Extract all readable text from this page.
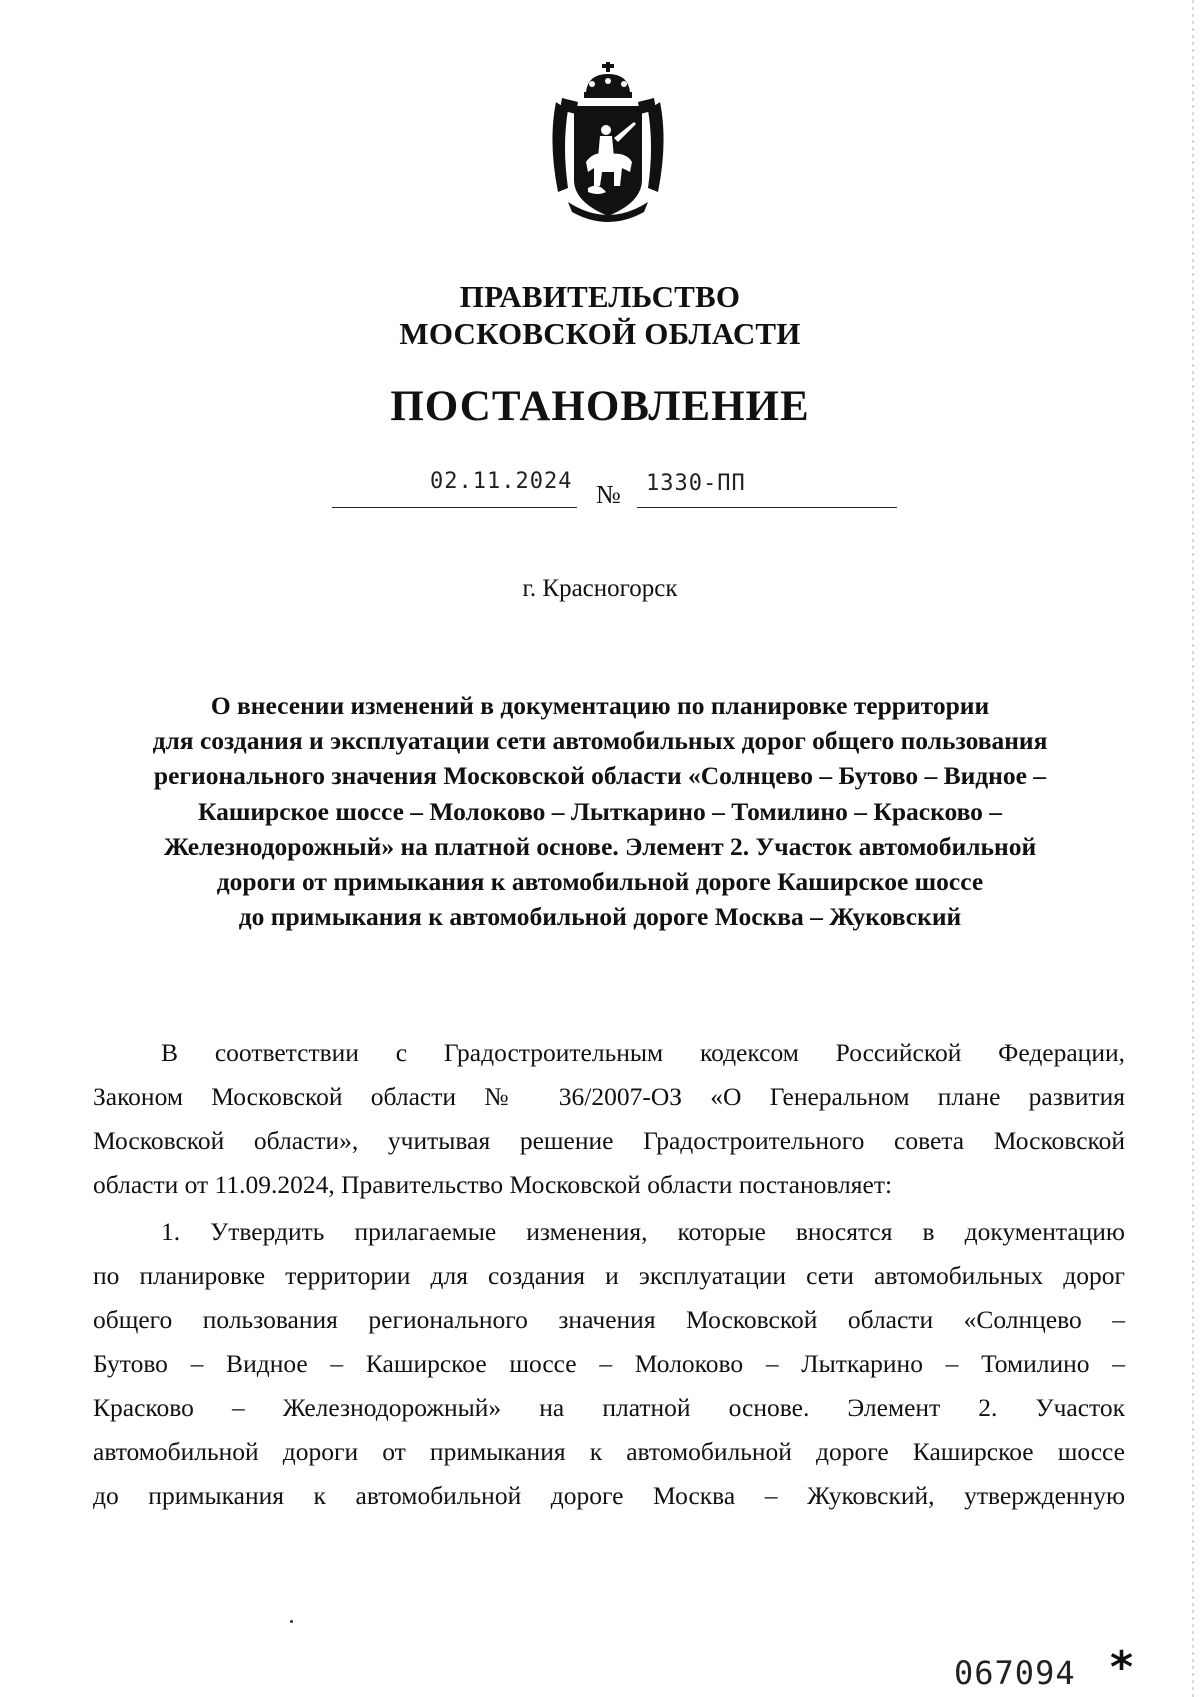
ПРАВИТЕЛЬСТВО
МОСКОВСКОЙ ОБЛАСТИ
ПОСТАНОВЛЕНИЕ
02.11.2024 № 1330-ПП
г. Красногорск
О внесении изменений в документацию по планировке территории
для создания и эксплуатации сети автомобильных дорог общего пользования
регионального значения Московской области «Солнцево – Бутово – Видное –
Каширское шоссе – Молоково – Лыткарино – Томилино – Красково –
Железнодорожный» на платной основе. Элемент 2. Участок автомобильной
дороги от примыкания к автомобильной дороге Каширское шоссе
до примыкания к автомобильной дороге Москва – Жуковский
В соответствии с Градостроительным кодексом Российской Федерации,
Законом Московской области № 36/2007-ОЗ «О Генеральном плане развития
Московской области», учитывая решение Градостроительного совета Московской
области от 11.09.2024, Правительство Московской области постановляет:
1. Утвердить прилагаемые изменения, которые вносятся в документацию
по планировке территории для создания и эксплуатации сети автомобильных дорог
общего пользования регионального значения Московской области «Солнцево –
Бутово – Видное – Каширское шоссе – Молоково – Лыткарино – Томилино –
Красково – Железнодорожный» на платной основе. Элемент 2. Участок
автомобильной дороги от примыкания к автомобильной дороге Каширское шоссе
до примыкания к автомобильной дороге Москва – Жуковский, утвержденную
067094 *
